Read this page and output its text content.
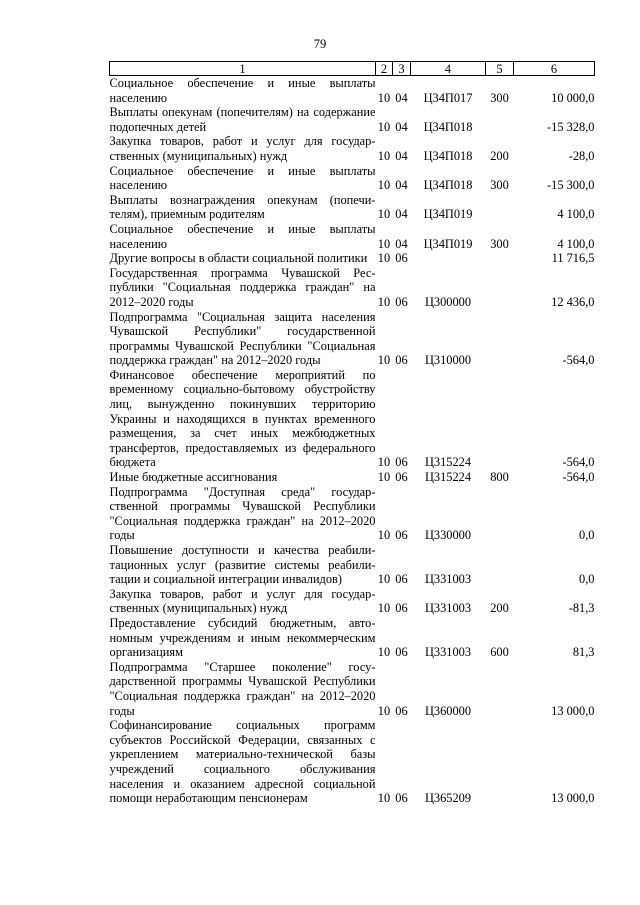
79
1	2	3	4	5	6
Социальное обеспечение и иные выплаты населению	10	04	Ц34П017	300	10 000,0
Выплаты опекунам (попечителям) на содержание подопечных детей	10	04	Ц34П018		-15 328,0
Закупка товаров, работ и услуг для государственных (муниципальных) нужд	10	04	Ц34П018	200	-28,0
Социальное обеспечение и иные выплаты населению	10	04	Ц34П018	300	-15 300,0
Выплаты вознаграждения опекунам (попечителям), приемным родителям	10	04	Ц34П019		4 100,0
Социальное обеспечение и иные выплаты населению	10	04	Ц34П019	300	4 100,0
Другие вопросы в области социальной политики	10	06			11 716,5
Государственная программа Чувашской Республики "Социальная поддержка граждан" на 2012–2020 годы	10	06	Ц300000		12 436,0
Подпрограмма "Социальная защита населения Чувашской Республики" государственной программы Чувашской Республики "Социальная поддержка граждан" на 2012–2020 годы	10	06	Ц310000		-564,0
Финансовое обеспечение мероприятий по временному социально-бытовому обустройству лиц, вынужденно покинувших территорию Украины и находящихся в пунктах временного размещения, за счет иных межбюджетных трансфертов, предоставляемых из федерального бюджета	10	06	Ц315224		-564,0
Иные бюджетные ассигнования	10	06	Ц315224	800	-564,0
Подпрограмма "Доступная среда" государственной программы Чувашской Республики "Социальная поддержка граждан" на 2012–2020 годы	10	06	Ц330000		0,0
Повышение доступности и качества реабилитационных услуг (развитие системы реабилитации и социальной интеграции инвалидов)	10	06	Ц331003		0,0
Закупка товаров, работ и услуг для государственных (муниципальных) нужд	10	06	Ц331003	200	-81,3
Предоставление субсидий бюджетным, автономным учреждениям и иным некоммерческим организациям	10	06	Ц331003	600	81,3
Подпрограмма "Старшее поколение" государственной программы Чувашской Республики "Социальная поддержка граждан" на 2012–2020 годы	10	06	Ц360000		13 000,0
Софинансирование социальных программ субъектов Российской Федерации, связанных с укреплением материально-технической базы учреждений социального обслуживания населения и оказанием адресной социальной помощи неработающим пенсионерам	10	06	Ц365209		13 000,0
